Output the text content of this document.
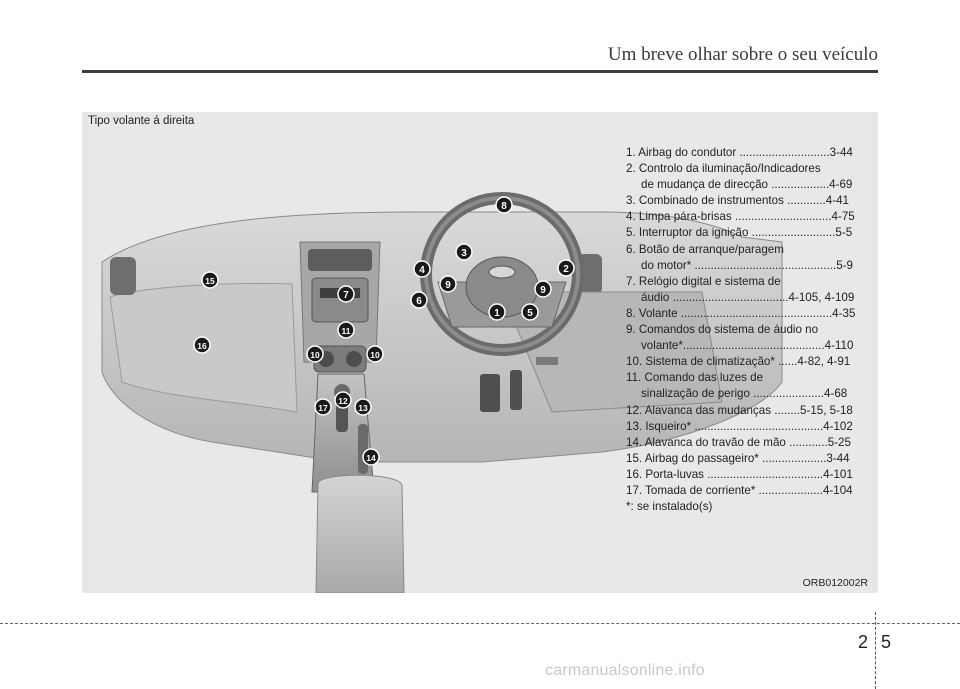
Um breve olhar sobre o seu veículo
Tipo volante á direita
1
2
3
4
5
6
7
8
9	9
10	10
11
12
13
14
15
16
17
1. Airbag do condutor ............................3-44
2. Controlo da iluminação/Indicadores
de mudança de direcção ..................4-69
3. Combinado de instrumentos ............4-41
4. Limpa pára-brisas ..............................4-75
5. Interruptor da ignição ..........................5-5
6. Botão de arranque/paragem
do motor* ............................................5-9
7. Relógio digital e sistema de
áudio ....................................4-105, 4-109
8. Volante ...............................................4-35
9. Comandos do sistema de áudio no
volante*............................................4-110
10. Sistema de climatização* ......4-82, 4-91
11. Comando das luzes de
sinalização de perigo ......................4-68
12. Alavanca das mudanças ........5-15, 5-18
13. Isqueiro* ........................................4-102
14. Alavanca do travão de mão ............5-25
15. Airbag do passageiro* ....................3-44
16. Porta-luvas ....................................4-101
17. Tomada de corriente* ....................4-104
*: se instalado(s)
ORB012002R
2 5
carmanualsonline.info
